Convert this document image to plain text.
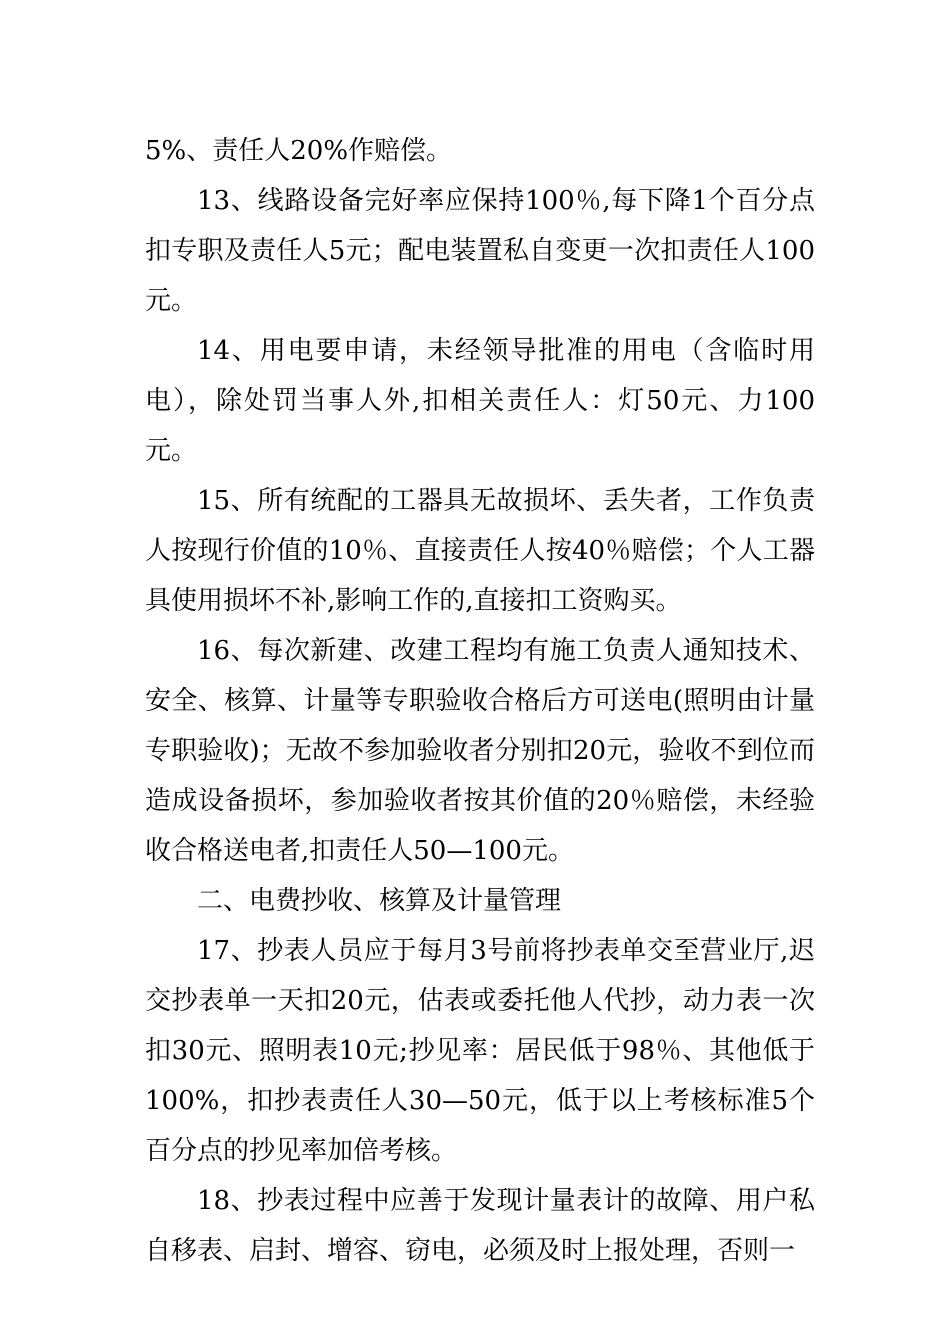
5%、责任人20%作赔偿。

13、线路设备完好率应保持100％,每下降1个百分点扣专职及责任人5元；配电装置私自变更一次扣责任人100元。

14、用电要申请，未经领导批准的用电（含临时用电），除处罚当事人外,扣相关责任人：灯50元、力100元。

15、所有统配的工器具无故损坏、丢失者，工作负责人按现行价值的10％、直接责任人按40％赔偿；个人工器具使用损坏不补,影响工作的,直接扣工资购买。

16、每次新建、改建工程均有施工负责人通知技术、安全、核算、计量等专职验收合格后方可送电(照明由计量专职验收)；无故不参加验收者分别扣20元，验收不到位而造成设备损坏，参加验收者按其价值的20％赔偿，未经验收合格送电者,扣责任人50—100元。

二、电费抄收、核算及计量管理

17、抄表人员应于每月3号前将抄表单交至营业厅,迟交抄表单一天扣20元，估表或委托他人代抄，动力表一次扣30元、照明表10元;抄见率：居民低于98％、其他低于100%，扣抄表责任人30—50元，低于以上考核标准5个百分点的抄见率加倍考核。

18、抄表过程中应善于发现计量表计的故障、用户私自移表、启封、增容、窃电，必须及时上报处理，否则一
